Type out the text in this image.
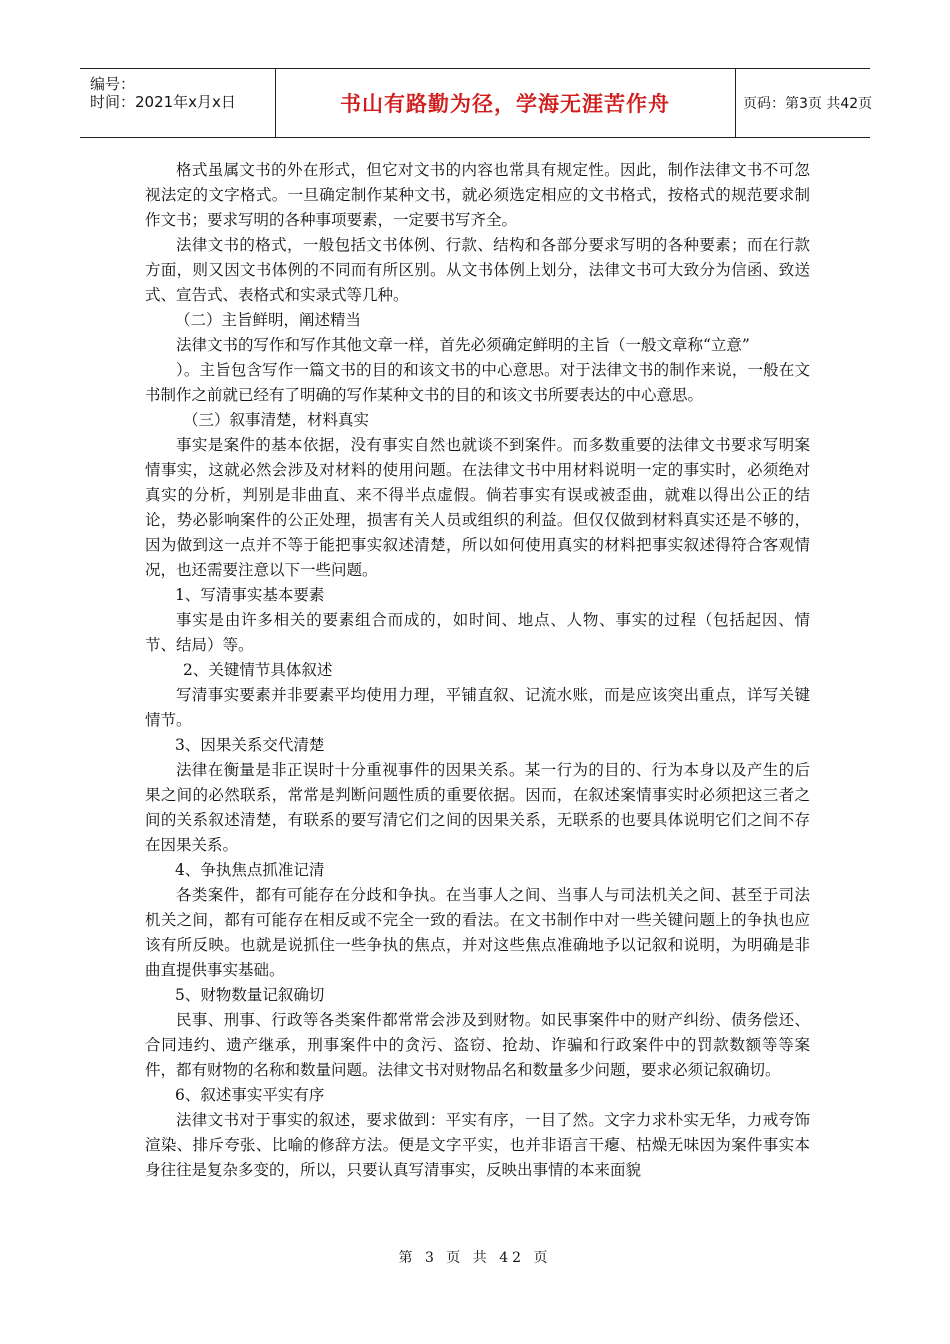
编号：
时间：2021年x月x日	书山有路勤为径，学海无涯苦作舟	页码：第3页 共42页

格式虽属文书的外在形式，但它对文书的内容也常具有规定性。因此，制作法律文书不可忽视法定的文字格式。一旦确定制作某种文书，就必须选定相应的文书格式，按格式的规范要求制作文书；要求写明的各种事项要素，一定要书写齐全。

法律文书的格式，一般包括文书体例、行款、结构和各部分要求写明的各种要素；而在行款方面，则又因文书体例的不同而有所区别。从文书体例上划分，法律文书可大致分为信函、致送式、宣告式、表格式和实录式等几种。

（二）主旨鲜明，阐述精当

法律文书的写作和写作其他文章一样，首先必须确定鲜明的主旨（一般文章称“立意”

）。主旨包含写作一篇文书的目的和该文书的中心意思。对于法律文书的制作来说，一般在文书制作之前就已经有了明确的写作某种文书的目的和该文书所要表达的中心意思。

（三）叙事清楚，材料真实

事实是案件的基本依据，没有事实自然也就谈不到案件。而多数重要的法律文书要求写明案情事实，这就必然会涉及对材料的使用问题。在法律文书中用材料说明一定的事实时，必须绝对真实的分析，判别是非曲直、来不得半点虚假。倘若事实有误或被歪曲，就难以得出公正的结论，势必影响案件的公正处理，损害有关人员或组织的利益。但仅仅做到材料真实还是不够的，因为做到这一点并不等于能把事实叙述清楚，所以如何使用真实的材料把事实叙述得符合客观情况，也还需要注意以下一些问题。

1、写清事实基本要素

事实是由许多相关的要素组合而成的，如时间、地点、人物、事实的过程（包括起因、情节、结局）等。

2、关键情节具体叙述

写清事实要素并非要素平均使用力理，平铺直叙、记流水账，而是应该突出重点，详写关键情节。

3、因果关系交代清楚

法律在衡量是非正误时十分重视事件的因果关系。某一行为的目的、行为本身以及产生的后果之间的必然联系，常常是判断问题性质的重要依据。因而，在叙述案情事实时必须把这三者之间的关系叙述清楚，有联系的要写清它们之间的因果关系，无联系的也要具体说明它们之间不存在因果关系。

4、争执焦点抓准记清

各类案件，都有可能存在分歧和争执。在当事人之间、当事人与司法机关之间、甚至于司法机关之间，都有可能存在相反或不完全一致的看法。在文书制作中对一些关键问题上的争执也应该有所反映。也就是说抓住一些争执的焦点，并对这些焦点准确地予以记叙和说明，为明确是非曲直提供事实基础。

5、财物数量记叙确切

民事、刑事、行政等各类案件都常常会涉及到财物。如民事案件中的财产纠纷、债务偿还、合同违约、遗产继承，刑事案件中的贪污、盗窃、抢劫、诈骗和行政案件中的罚款数额等等案件，都有财物的名称和数量问题。法律文书对财物品名和数量多少问题，要求必须记叙确切。

6、叙述事实平实有序

法律文书对于事实的叙述，要求做到：平实有序，一目了然。文字力求朴实无华，力戒夸饰渲染、排斥夸张、比喻的修辞方法。便是文字平实，也并非语言干瘪、枯燥无味因为案件事实本身往往是复杂多变的，所以，只要认真写清事实，反映出事情的本来面貌

第 3 页 共 42 页
